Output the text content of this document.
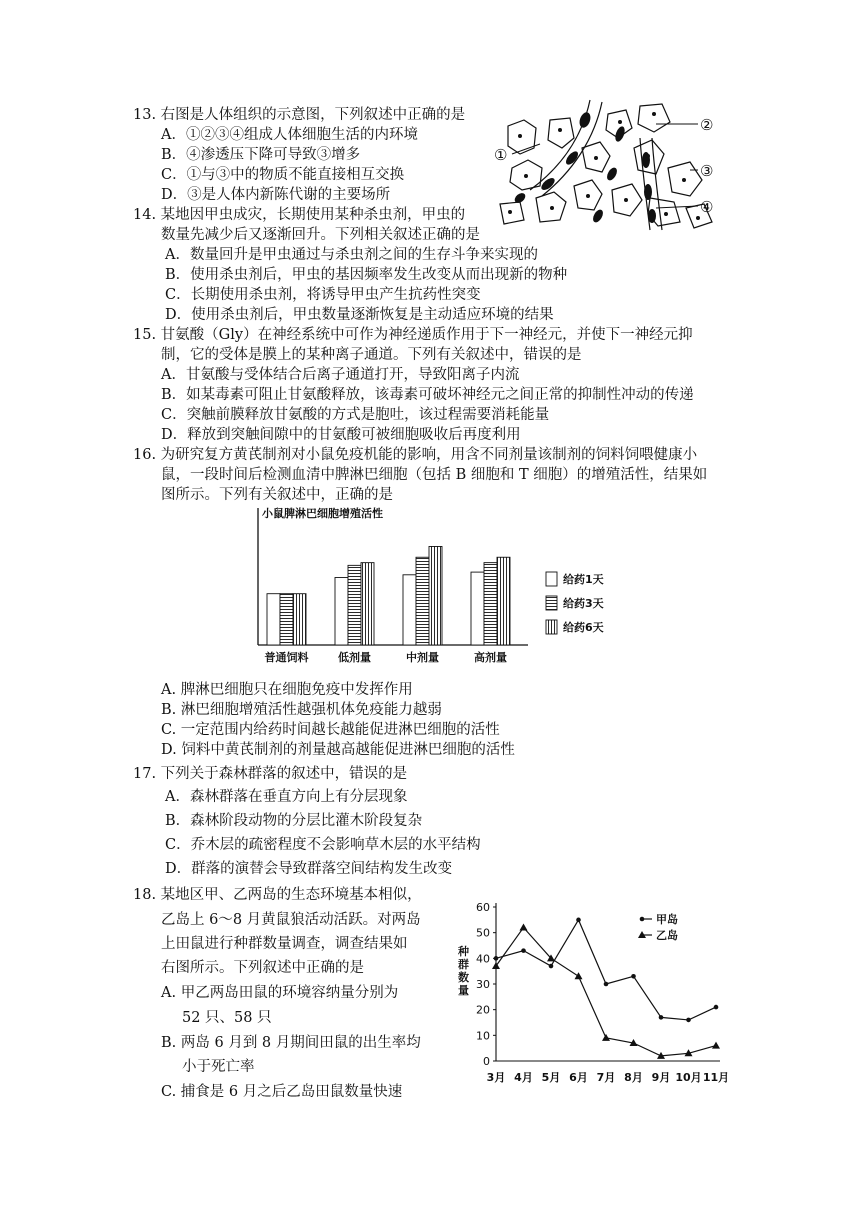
13. 右图是人体组织的示意图，下列叙述中正确的是
A．①②③④组成人体细胞生活的内环境
B．④渗透压下降可导致③增多
C．①与③中的物质不能直接相互交换
D．③是人体内新陈代谢的主要场所
①
②
③
④
14. 某地因甲虫成灾，长期使用某种杀虫剂，甲虫的
数量先减少后又逐渐回升。下列相关叙述正确的是
A．数量回升是甲虫通过与杀虫剂之间的生存斗争来实现的
B．使用杀虫剂后，甲虫的基因频率发生改变从而出现新的物种
C．长期使用杀虫剂，将诱导甲虫产生抗药性突变
D．使用杀虫剂后，甲虫数量逐渐恢复是主动适应环境的结果
15. 甘氨酸（Gly）在神经系统中可作为神经递质作用于下一神经元，并使下一神经元抑
制，它的受体是膜上的某种离子通道。下列有关叙述中，错误的是
A．甘氨酸与受体结合后离子通道打开，导致阳离子内流
B．如某毒素可阻止甘氨酸释放，该毒素可破坏神经元之间正常的抑制性冲动的传递
C．突触前膜释放甘氨酸的方式是胞吐，该过程需要消耗能量
D．释放到突触间隙中的甘氨酸可被细胞吸收后再度利用
16. 为研究复方黄芪制剂对小鼠免疫机能的影响，用含不同剂量该制剂的饲料饲喂健康小
鼠，一段时间后检测血清中脾淋巴细胞（包括 B 细胞和 T 细胞）的增殖活性，结果如
图所示。下列有关叙述中，正确的是
小鼠脾淋巴细胞增殖活性
普通饲料	低剂量	中剂量	高剂量
给药1天
给药3天
给药6天
A. 脾淋巴细胞只在细胞免疫中发挥作用
B. 淋巴细胞增殖活性越强机体免疫能力越弱
C. 一定范围内给药时间越长越能促进淋巴细胞的活性
D. 饲料中黄芪制剂的剂量越高越能促进淋巴细胞的活性
17. 下列关于森林群落的叙述中，错误的是
A．森林群落在垂直方向上有分层现象
B．森林阶段动物的分层比灌木阶段复杂
C．乔木层的疏密程度不会影响草木层的水平结构
D．群落的演替会导致群落空间结构发生改变
18. 某地区甲、乙两岛的生态环境基本相似，
乙岛上 6～8 月黄鼠狼活动活跃。对两岛
上田鼠进行种群数量调查，调查结果如
右图所示。下列叙述中正确的是
A. 甲乙两岛田鼠的环境容纳量分别为
52 只、58 只
B. 两岛 6 月到 8 月期间田鼠的出生率均
小于死亡率
C. 捕食是 6 月之后乙岛田鼠数量快速
0
10
20
30
40
50
60
3月 4月 5月 6月 7月 8月 9月 10月 11月
种群数量
甲岛
乙岛
